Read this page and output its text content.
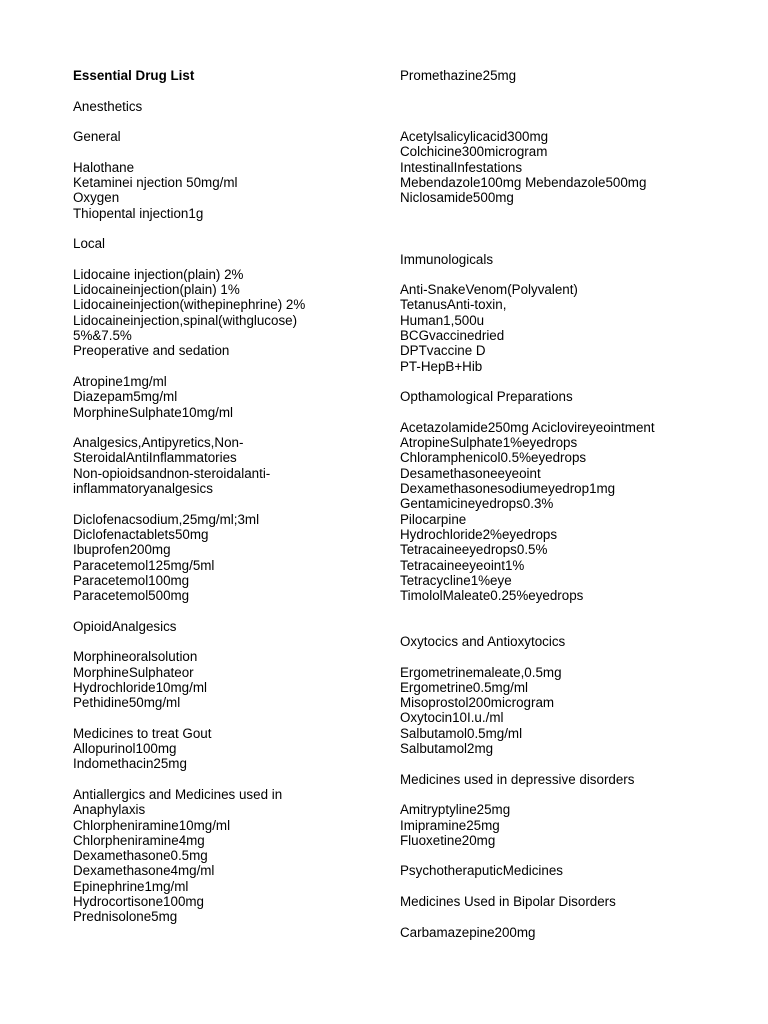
Essential Drug List
Anesthetics
General
Halothane
Ketaminei njection 50mg/ml
Oxygen
Thiopental injection1g
Local
Lidocaine injection(plain) 2%
Lidocaineinjection(plain) 1%
Lidocaineinjection(withepinephrine) 2%
Lidocaineinjection,spinal(withglucose)
5%&7.5%
Preoperative and sedation
Atropine1mg/ml
Diazepam5mg/ml
MorphineSulphate10mg/ml
Analgesics,Antipyretics,Non-
SteroidalAntiInflammatories
Non-opioidsandnon-steroidalanti-
inflammatoryanalgesics
Diclofenacsodium,25mg/ml;3ml
Diclofenactablets50mg
Ibuprofen200mg
Paracetemol125mg/5ml
Paracetemol100mg
Paracetemol500mg
OpioidAnalgesics
Morphineoralsolution
MorphineSulphateor
Hydrochloride10mg/ml
Pethidine50mg/ml
Medicines to treat Gout
Allopurinol100mg
Indomethacin25mg
Antiallergics and Medicines used in
Anaphylaxis
Chlorpheniramine10mg/ml
Chlorpheniramine4mg
Dexamethasone0.5mg
Dexamethasone4mg/ml
Epinephrine1mg/ml
Hydrocortisone100mg
Prednisolone5mg
Promethazine25mg
Acetylsalicylicacid300mg
Colchicine300microgram
IntestinalInfestations
Mebendazole100mg Mebendazole500mg
Niclosamide500mg
Immunologicals
Anti-SnakeVenom(Polyvalent)
TetanusAnti-toxin,
Human1,500u
BCGvaccinedried
DPTvaccine D
PT-HepB+Hib
Opthamological Preparations
Acetazolamide250mg Aciclovireyeointment
AtropineSulphate1%eyedrops
Chloramphenicol0.5%eyedrops
Desamethasoneeyeoint
Dexamethasonesodiumeyedrop1mg
Gentamicineyedrops0.3%
Pilocarpine
Hydrochloride2%eyedrops
Tetracaineeyedrops0.5%
Tetracaineeyeoint1%
Tetracycline1%eye
TimololMaleate0.25%eyedrops
Oxytocics and Antioxytocics
Ergometrinemaleate,0.5mg
Ergometrine0.5mg/ml
Misoprostol200microgram
Oxytocin10I.u./ml
Salbutamol0.5mg/ml
Salbutamol2mg
Medicines used in depressive disorders
Amitryptyline25mg
Imipramine25mg
Fluoxetine20mg
PsychotheraputicMedicines
Medicines Used in Bipolar Disorders
Carbamazepine200mg
